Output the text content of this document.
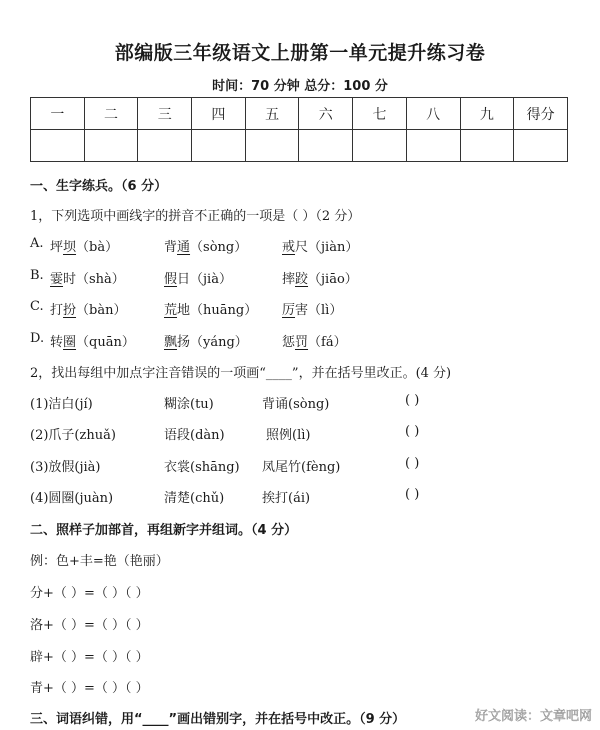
部编版三年级语文上册第一单元提升练习卷
时间：70 分钟 总分：100 分
一	二	三	四	五	六	七	八	九	得分

一、生字练兵。（6 分）
1，下列选项中画线字的拼音不正确的一项是（ ）（2 分）
A. 坪坝（bà）	背通（sòng）	戒尺（jiàn）
B. 霎时（shà）	假日（jià）	摔跤（jiāo）
C. 打扮（bàn）	荒地（huāng） 厉害（lì）
D. 转圈（quān） 飘扬（yáng）	惩罚（fá）
2，找出每组中加点字注音错误的一项画“____”，并在括号里改正。(4 分)
(1)洁白(jí)	糊涂(tu)	背诵(sòng)	( )
(2)爪子(zhuǎ)	语段(dàn)	照例(lì)	( )
(3)放假(jià)	衣裳(shāng) 凤尾竹(fèng)	( )
(4)圆圈(juàn)	清楚(chǔ)	挨打(ái)	( )
二、照样子加部首，再组新字并组词。（4 分）
例：色+丰=艳（艳丽）
分+（ ）=（ ）（ ）
洛+（ ）=（ ）（ ）
辟+（ ）=（ ）（ ）
青+（ ）=（ ）（ ）
三、词语纠错，用“____”画出错别字，并在括号中改正。（9 分）	好文阅读：文章吧网
